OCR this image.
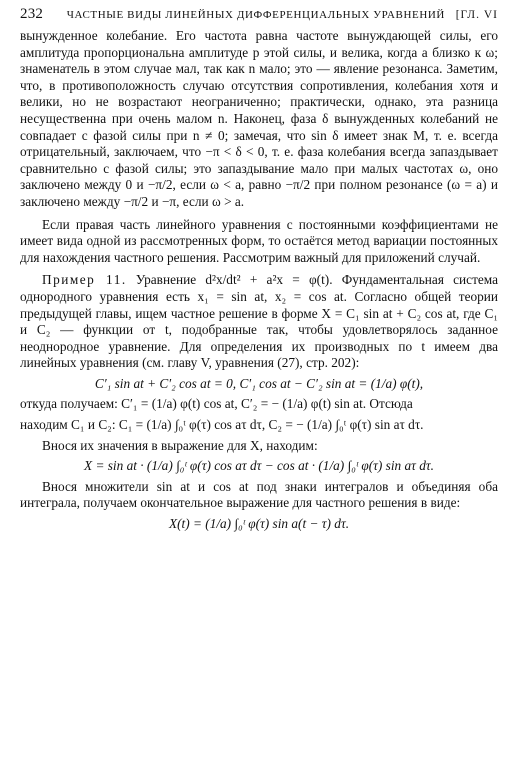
232	ЧАСТНЫЕ ВИДЫ ЛИНЕЙНЫХ ДИФФЕРЕНЦИАЛЬНЫХ УРАВНЕНИЙ [ГЛ. VI

вынужденное колебание. Его частота равна частоте вынуждающей силы, его амплитуда пропорциональна амплитуде p этой силы, и велика, когда a близко к ω; знаменатель в этом случае мал, так как n мало; это — явление резонанса. Заметим, что, в противоположность случаю отсутствия сопротивления, колебания хотя и велики, но не возрастают неограниченно; практически, однако, эта разница несущественна при очень малом n. Наконец, фаза δ вынужденных колебаний не совпадает с фазой силы при n ≠ 0; замечая, что sin δ имеет знак M, т. е. всегда отрицательный, заключаем, что −π < δ < 0, т. е. фаза колебания всегда запаздывает сравнительно с фазой силы; это запаздывание мало при малых частотах ω, оно заключено между 0 и −π/2, если ω < a, равно −π/2 при полном резонансе (ω = a) и заключено между −π/2 и −π, если ω > a.

Если правая часть линейного уравнения с постоянными коэффициентами не имеет вида одной из рассмотренных форм, то остаётся метод вариации постоянных для нахождения частного решения. Рассмотрим важный для приложений случай.

Пример 11. Уравнение d²x/dt² + a²x = φ(t). Фундаментальная система однородного уравнения есть x₁ = sin at, x₂ = cos at. Согласно общей теории предыдущей главы, ищем частное решение в форме X = C₁ sin at + C₂ cos at, где C₁ и C₂ — функции от t, подобранные так, чтобы удовлетворялось заданное неоднородное уравнение. Для определения их производных по t имеем два линейных уравнения (см. главу V, уравнения (27), стр. 202):

C′₁ sin at + C′₂ cos at = 0, C′₁ cos at − C′₂ sin at = (1/a) φ(t),

откуда получаем: C′₁ = (1/a) φ(t) cos at, C′₂ = − (1/a) φ(t) sin at. Отсюда

находим C₁ и C₂: C₁ = (1/a) ∫₀ᵗ φ(τ) cos aτ dτ, C₂ = − (1/a) ∫₀ᵗ φ(τ) sin aτ dτ.

Внося их значения в выражение для X, находим:

X = sin at · (1/a) ∫₀ᵗ φ(τ) cos aτ dτ − cos at · (1/a) ∫₀ᵗ φ(τ) sin aτ dτ.

Внося множители sin at и cos at под знаки интегралов и объединяя оба интеграла, получаем окончательное выражение для частного решения в виде:

X(t) = (1/a) ∫₀ᵗ φ(τ) sin a(t − τ) dτ.
